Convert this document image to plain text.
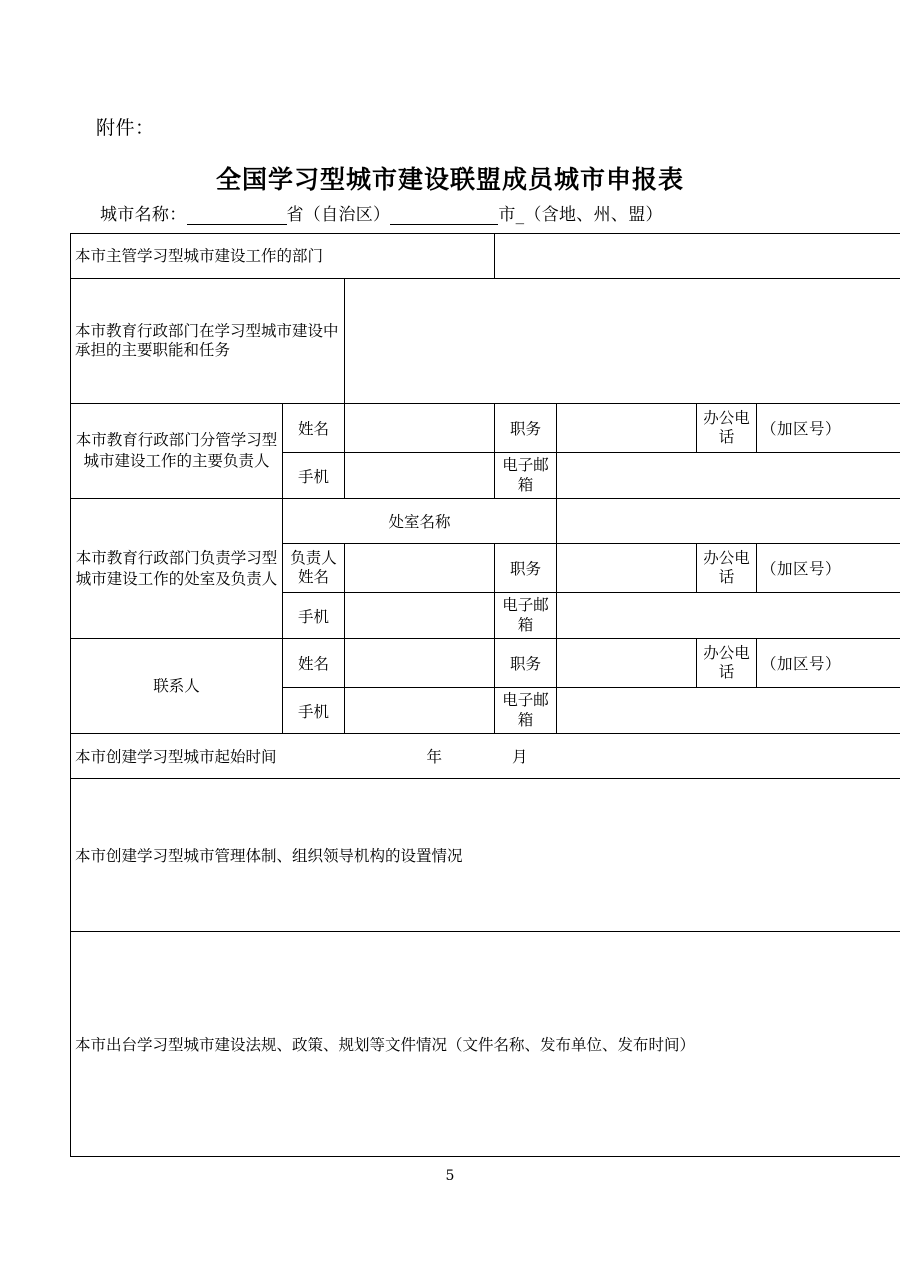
附件：
全国学习型城市建设联盟成员城市申报表
城市名称：	省（自治区）	市_（含地、州、盟）
本市主管学习型城市建设工作的部门						
本市教育行政部门在学习型城市建设中承担的主要职能和任务						
本市教育行政部门分管学习型城市建设工作的主要负责人	姓名		职务		办公电话	（加区号）
	手机		电子邮箱			
本市教育行政部门负责学习型城市建设工作的处室及负责人	处室名称					
	负责人姓名		职务		办公电话	（加区号）
	手机		电子邮箱			
联系人	姓名		职务		办公电话	（加区号）
	手机		电子邮箱			
本市创建学习型城市起始时间 年 月						

本市创建学习型城市管理体制、组织领导机构的设置情况						

本市出台学习型城市建设法规、政策、规划等文件情况（文件名称、发布单位、发布时间）						
5
